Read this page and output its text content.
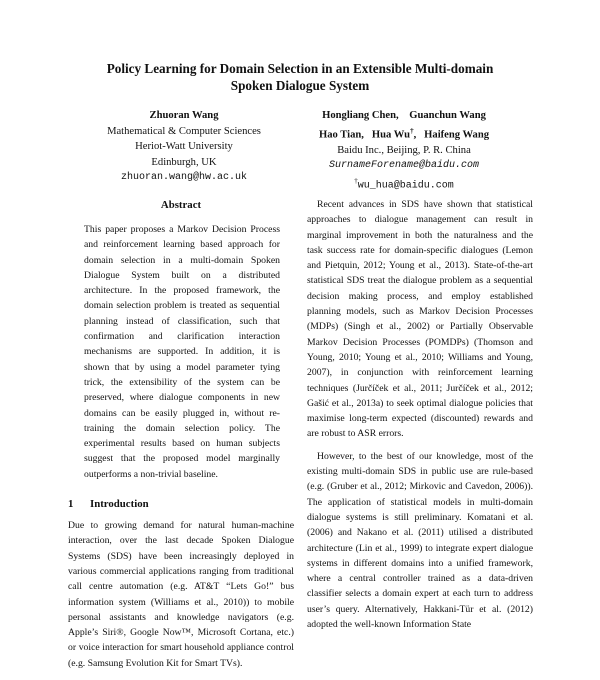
Policy Learning for Domain Selection in an Extensible Multi-domain
Spoken Dialogue System
Zhuoran Wang
Mathematical & Computer Sciences
Heriot-Watt University
Edinburgh, UK
zhuoran.wang@hw.ac.uk
Hongliang Chen,    Guanchun Wang
Hao Tian,   Hua Wu†,   Haifeng Wang
Baidu Inc., Beijing, P. R. China
SurnameForename@baidu.com
†wu_hua@baidu.com
Abstract

This paper proposes a Markov Decision Process and reinforcement learning based approach for domain selection in a multi-domain Spoken Dialogue System built on a distributed architecture. In the proposed framework, the domain selection problem is treated as sequential planning instead of classification, such that confirmation and clarification interaction mechanisms are supported. In addition, it is shown that by using a model parameter tying trick, the extensibility of the system can be preserved, where dialogue components in new domains can be easily plugged in, without re-training the domain selection policy. The experimental results based on human subjects suggest that the proposed model marginally outperforms a non-trivial baseline.

1 Introduction

Due to growing demand for natural human-machine interaction, over the last decade Spoken Dialogue Systems (SDS) have been increasingly deployed in various commercial applications ranging from traditional call centre automation (e.g. AT&T “Lets Go!” bus information system (Williams et al., 2010)) to mobile personal assistants and knowledge navigators (e.g. Apple’s Siri®, Google Now™, Microsoft Cortana, etc.) or voice interaction for smart household appliance control (e.g. Samsung Evolution Kit for Smart TVs).

Recent advances in SDS have shown that statistical approaches to dialogue management can result in marginal improvement in both the naturalness and the task success rate for domain-specific dialogues (Lemon and Pietquin, 2012; Young et al., 2013). State-of-the-art statistical SDS treat the dialogue problem as a sequential decision making process, and employ established planning models, such as Markov Decision Processes (MDPs) (Singh et al., 2002) or Partially Observable Markov Decision Processes (POMDPs) (Thomson and Young, 2010; Young et al., 2010; Williams and Young, 2007), in conjunction with reinforcement learning techniques (Jurčíček et al., 2011; Jurčíček et al., 2012; Gašić et al., 2013a) to seek optimal dialogue policies that maximise long-term expected (discounted) rewards and are robust to ASR errors.

However, to the best of our knowledge, most of the existing multi-domain SDS in public use are rule-based (e.g. (Gruber et al., 2012; Mirkovic and Cavedon, 2006)). The application of statistical models in multi-domain dialogue systems is still preliminary. Komatani et al. (2006) and Nakano et al. (2011) utilised a distributed architecture (Lin et al., 1999) to integrate expert dialogue systems in different domains into a unified framework, where a central controller trained as a data-driven classifier selects a domain expert at each turn to address user’s query. Alternatively, Hakkani-Tür et al. (2012) adopted the well-known Information State
